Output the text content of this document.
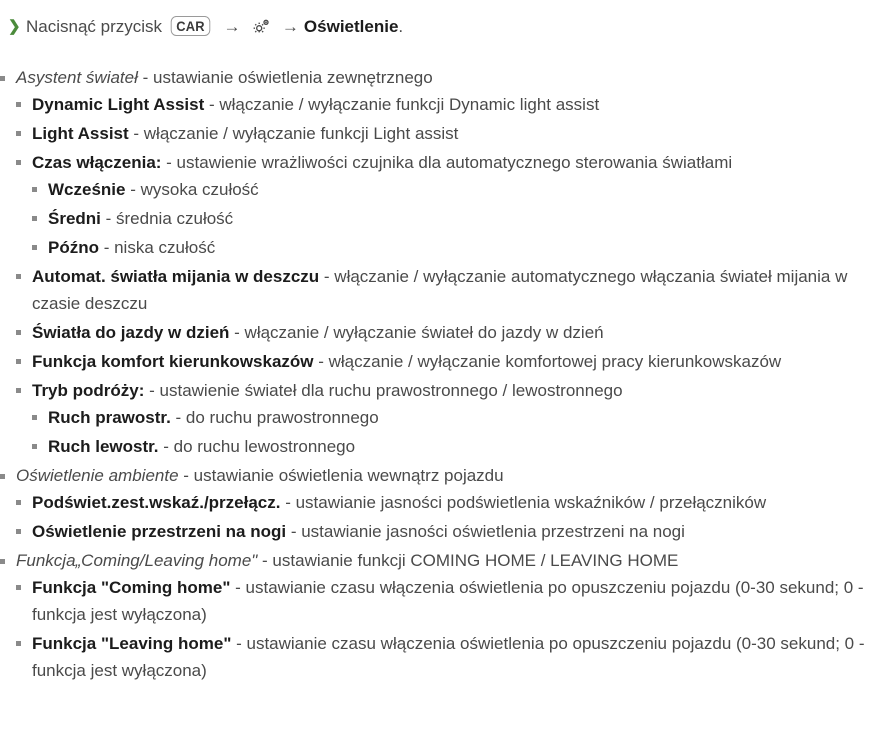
❯ Nacisnąć przycisk CAR → → Oświetlenie.
Asystent świateł - ustawianie oświetlenia zewnętrznego
Dynamic Light Assist - włączanie / wyłączanie funkcji Dynamic light assist
Light Assist - włączanie / wyłączanie funkcji Light assist
Czas włączenia: - ustawienie wrażliwości czujnika dla automatycznego sterowania światłami
Wcześnie - wysoka czułość
Średni - średnia czułość
Późno - niska czułość
Automat. światła mijania w deszczu - włączanie / wyłączanie automatycznego włączania świateł mijania w czasie deszczu
Światła do jazdy w dzień - włączanie / wyłączanie świateł do jazdy w dzień
Funkcja komfort kierunkowskazów - włączanie / wyłączanie komfortowej pracy kierunkowskazów
Tryb podróży: - ustawienie świateł dla ruchu prawostronnego / lewostronnego
Ruch prawostr. - do ruchu prawostronnego
Ruch lewostr. - do ruchu lewostronnego
Oświetlenie ambiente - ustawianie oświetlenia wewnątrz pojazdu
Podświet.zest.wskaź./przełącz. - ustawianie jasności podświetlenia wskaźników / przełączników
Oświetlenie przestrzeni na nogi - ustawianie jasności oświetlenia przestrzeni na nogi
Funkcja„Coming/Leaving home" - ustawianie funkcji COMING HOME / LEAVING HOME
Funkcja "Coming home" - ustawianie czasu włączenia oświetlenia po opuszczeniu pojazdu (0-30 sekund; 0 - funkcja jest wyłączona)
Funkcja "Leaving home" - ustawianie czasu włączenia oświetlenia po opuszczeniu pojazdu (0-30 sekund; 0 - funkcja jest wyłączona)
